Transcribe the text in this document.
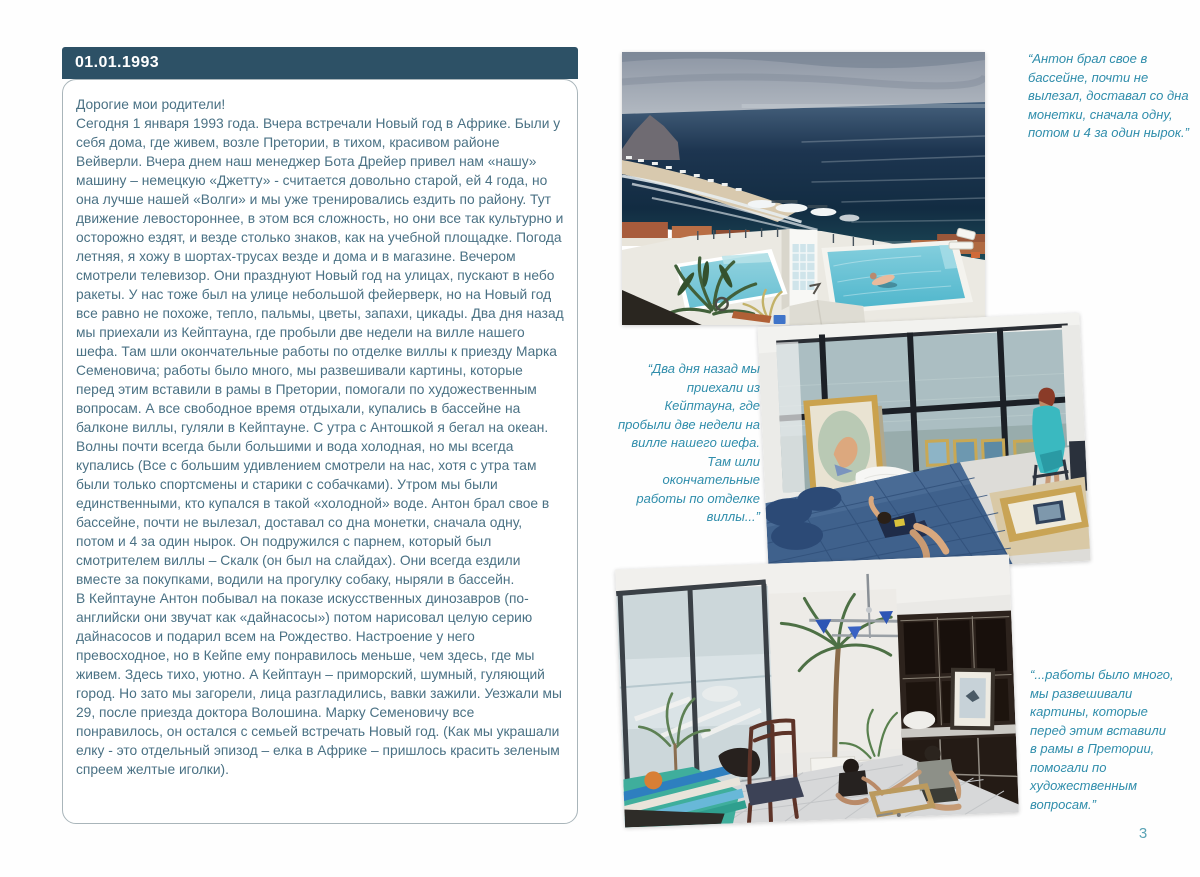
01.01.1993

Дорогие мои родители!

Сегодня 1 января 1993 года. Вчера встречали Новый год в Африке. Были у себя дома, где живем, возле Претории, в тихом, красивом районе Вейверли. Вчера днем наш менеджер Бота Дрейер привел нам «нашу» машину – немецкую «Джетту» - считается довольно старой, ей 4 года, но она лучше нашей «Волги» и мы уже тренировались ездить по району. Тут движение левостороннее, в этом вся сложность, но они все так культурно и осторожно ездят, и везде столько знаков, как на учебной площадке. Погода летняя, я хожу в шортах-трусах везде и дома и в магазине. Вечером смотрели телевизор. Они празднуют Новый год на улицах, пускают в небо ракеты. У нас тоже был на улице небольшой фейерверк, но на Новый год все равно не похоже, тепло, пальмы, цветы, запахи, цикады. Два дня назад мы приехали из Кейптауна, где пробыли две недели на вилле нашего шефа. Там шли окончательные работы по отделке виллы к приезду Марка Семеновича; работы было много, мы развешивали картины, которые перед этим вставили в рамы в Претории, помогали по художественным вопросам. А все свободное время отдыхали, купались в бассейне на балконе виллы, гуляли в Кейптауне. С утра с Антошкой я бегал на океан. Волны почти всегда были большими и вода холодная, но мы всегда купались (Все с большим удивлением смотрели на нас, хотя с утра там были только спортсмены и старики с собачками). Утром мы были единственными, кто купался в такой «холодной» воде. Антон брал свое в бассейне, почти не вылезал, доставал со дна монетки, сначала одну, потом и 4 за один нырок. Он подружился с парнем, который был смотрителем виллы – Скалк (он был на слайдах). Они всегда ездили вместе за покупками, водили на прогулку собаку, ныряли в бассейн.

В Кейптауне Антон побывал на показе искусственных динозавров (по-английски они звучат как «дайнасосы») потом нарисовал целую серию дайнасосов и подарил всем на Рождество. Настроение у него превосходное, но в Кейпе ему понравилось меньше, чем здесь, где мы живем. Здесь тихо, уютно. А Кейптаун – приморский, шумный, гуляющий город. Но зато мы загорели, лица разгладились, вавки зажили. Уезжали мы 29, после приезда доктора Волошина. Марку Семеновичу все понравилось, он остался с семьей встречать Новый год. (Как мы украшали елку - это отдельный эпизод – елка в Африке – пришлось красить зеленым спреем желтые иголки).

“Антон брал свое в бассейне, почти не вылезал, доставал со дна монетки, сначала одну, потом и 4 за один нырок.”
“Два дня назад мы приехали из Кейптауна, где пробыли две недели на вилле нашего шефа. Там шли окончательные работы по отделке виллы...”
“...работы было много, мы развешивали картины, которые перед этим вставили в рамы в Претории, помогали по художественным вопросам.”
3
